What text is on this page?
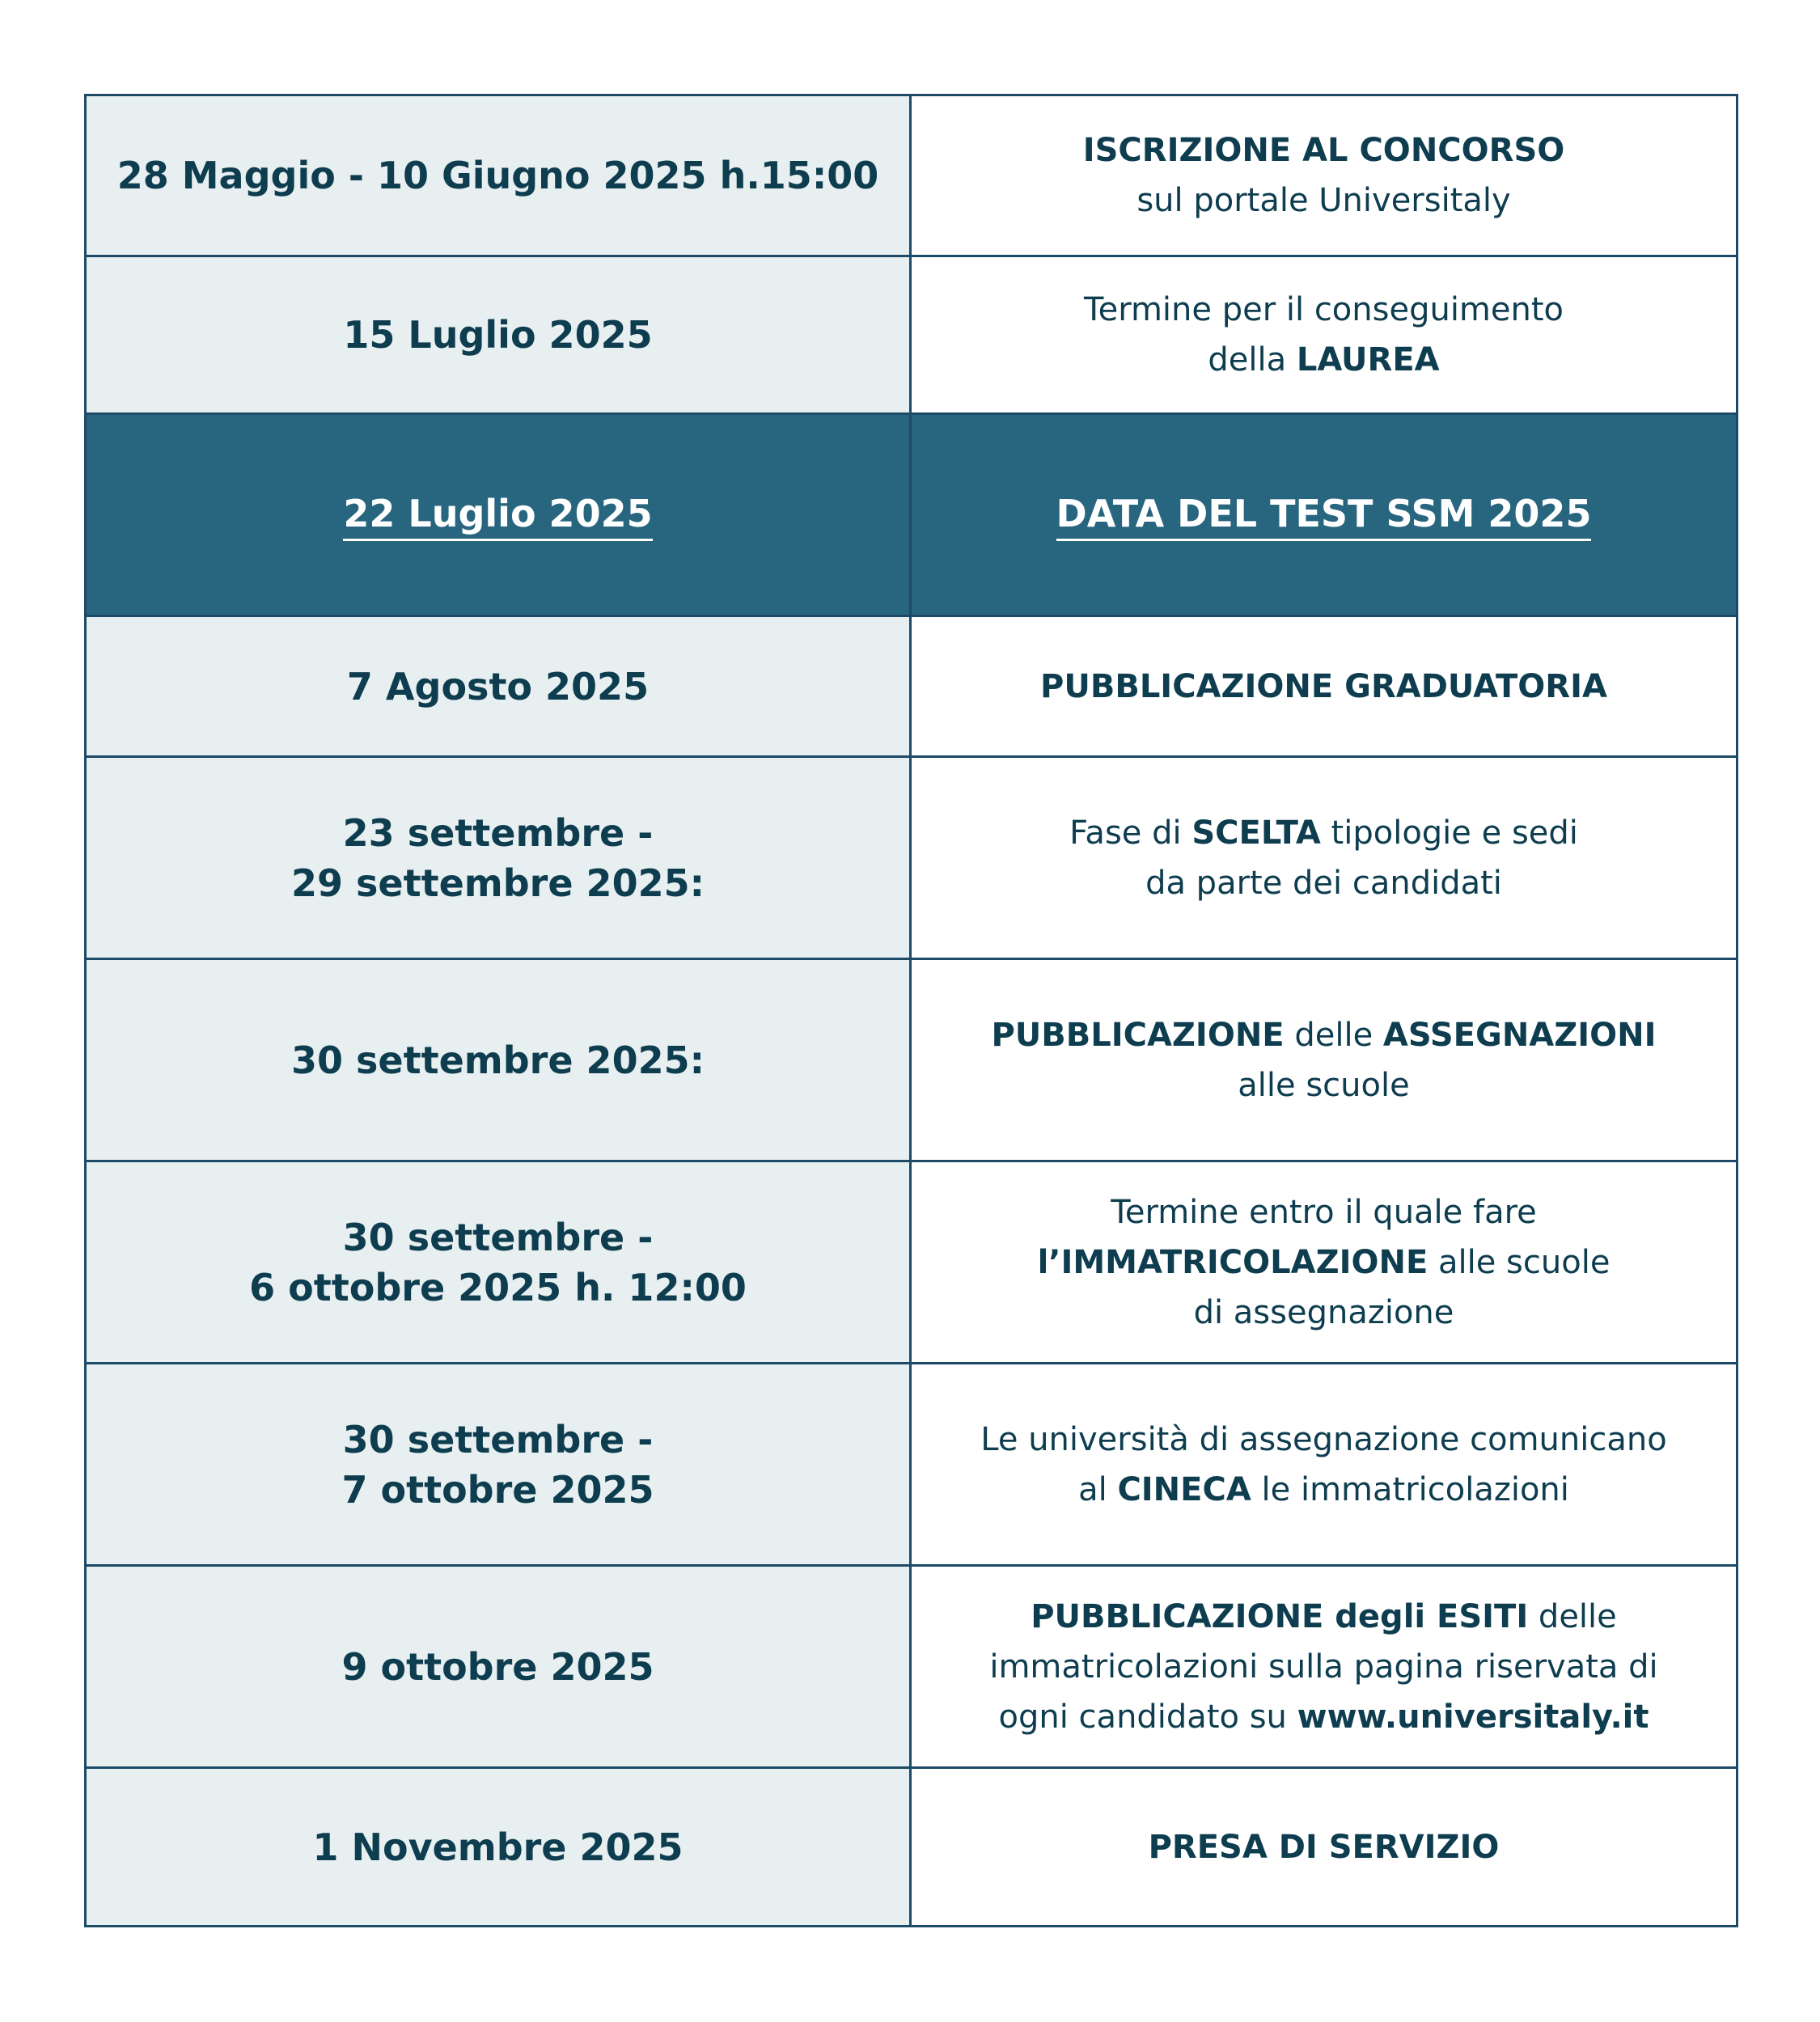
28 Maggio - 10 Giugno 2025 h.15:00	ISCRIZIONE AL CONCORSO
sul portale Universitaly

15 Luglio 2025	Termine per il conseguimento
della LAUREA

22 Luglio 2025	DATA DEL TEST SSM 2025

7 Agosto 2025	PUBBLICAZIONE GRADUATORIA

23 settembre -
29 settembre 2025:	Fase di SCELTA tipologie e sedi
da parte dei candidati

30 settembre 2025:	PUBBLICAZIONE delle ASSEGNAZIONI
alle scuole

30 settembre -
6 ottobre 2025 h. 12:00	Termine entro il quale fare
l’IMMATRICOLAZIONE alle scuole
di assegnazione

30 settembre -
7 ottobre 2025	Le università di assegnazione comunicano
al CINECA le immatricolazioni

9 ottobre 2025	PUBBLICAZIONE degli ESITI delle
immatricolazioni sulla pagina riservata di
ogni candidato su www.universitaly.it

1 Novembre 2025	PRESA DI SERVIZIO
